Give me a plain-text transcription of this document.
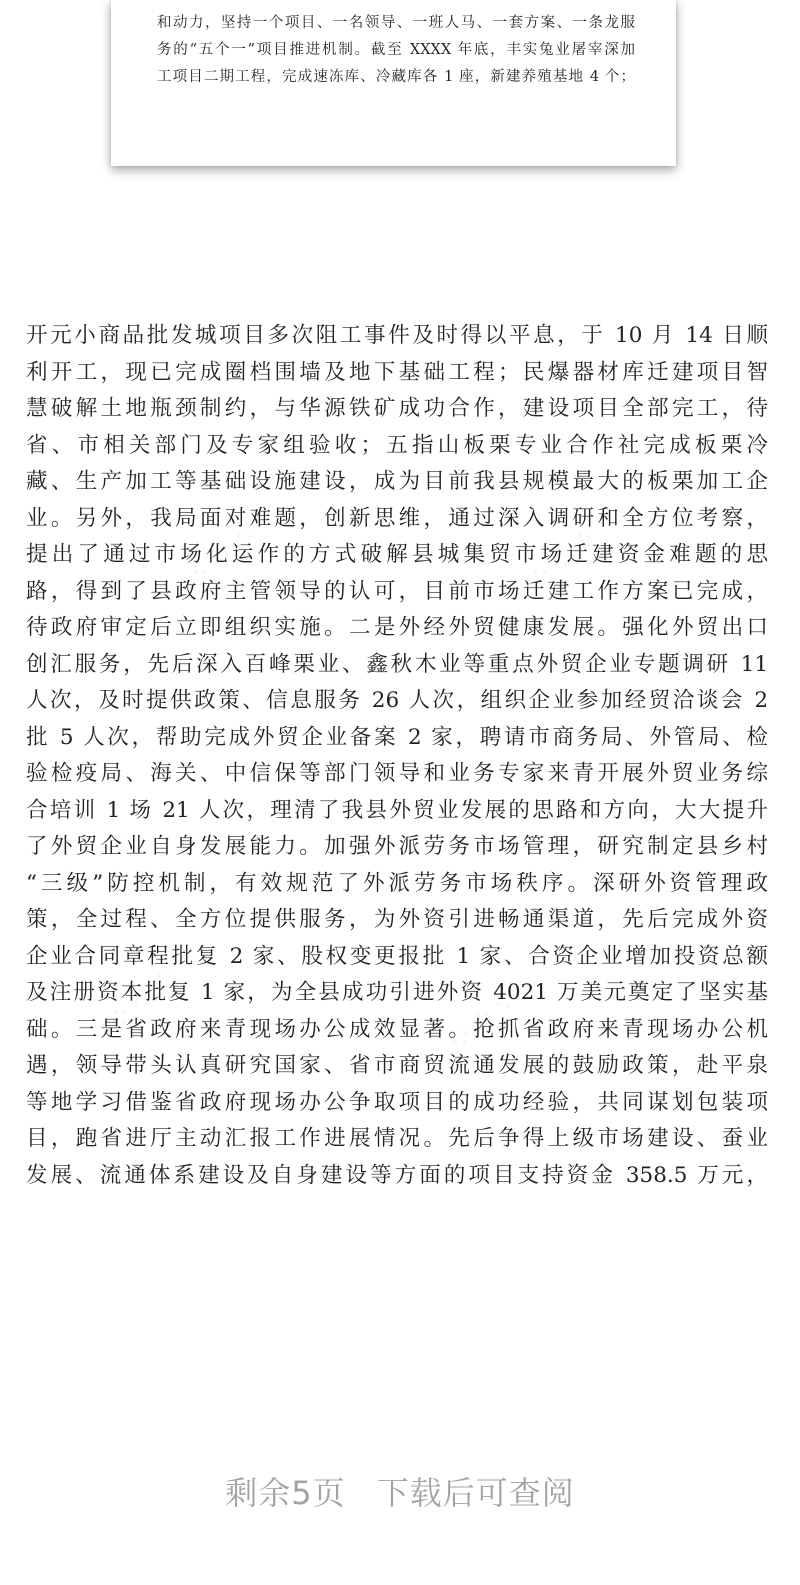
和动力，坚持一个项目、一名领导、一班人马、一套方案、一条龙服
务的“五个一”项目推进机制。截至 XXXX 年底，丰实兔业屠宰深加
工项目二期工程，完成速冻库、冷藏库各 1 座，新建养殖基地 4 个；
开元小商品批发城项目多次阻工事件及时得以平息，于 10 月 14 日顺
利开工，现已完成圈档围墙及地下基础工程；民爆器材库迁建项目智
慧破解土地瓶颈制约，与华源铁矿成功合作，建设项目全部完工，待
省、市相关部门及专家组验收；五指山板栗专业合作社完成板栗冷
藏、生产加工等基础设施建设，成为目前我县规模最大的板栗加工企
业。另外，我局面对难题，创新思维，通过深入调研和全方位考察，
提出了通过市场化运作的方式破解县城集贸市场迁建资金难题的思
路，得到了县政府主管领导的认可，目前市场迁建工作方案已完成，
待政府审定后立即组织实施。二是外经外贸健康发展。强化外贸出口
创汇服务，先后深入百峰栗业、鑫秋木业等重点外贸企业专题调研 11
人次，及时提供政策、信息服务 26 人次，组织企业参加经贸洽谈会 2
批 5 人次，帮助完成外贸企业备案 2 家，聘请市商务局、外管局、检
验检疫局、海关、中信保等部门领导和业务专家来青开展外贸业务综
合培训 1 场 21 人次，理清了我县外贸业发展的思路和方向，大大提升
了外贸企业自身发展能力。加强外派劳务市场管理，研究制定县乡村
“三级”防控机制，有效规范了外派劳务市场秩序。深研外资管理政
策，全过程、全方位提供服务，为外资引进畅通渠道，先后完成外资
企业合同章程批复 2 家、股权变更报批 1 家、合资企业增加投资总额
及注册资本批复 1 家，为全县成功引进外资 4021 万美元奠定了坚实基
础。三是省政府来青现场办公成效显著。抢抓省政府来青现场办公机
遇，领导带头认真研究国家、省市商贸流通发展的鼓励政策，赴平泉
等地学习借鉴省政府现场办公争取项目的成功经验，共同谋划包装项
目，跑省进厅主动汇报工作进展情况。先后争得上级市场建设、蚕业
发展、流通体系建设及自身建设等方面的项目支持资金 358.5 万元，
剩余5页 下载后可查阅
